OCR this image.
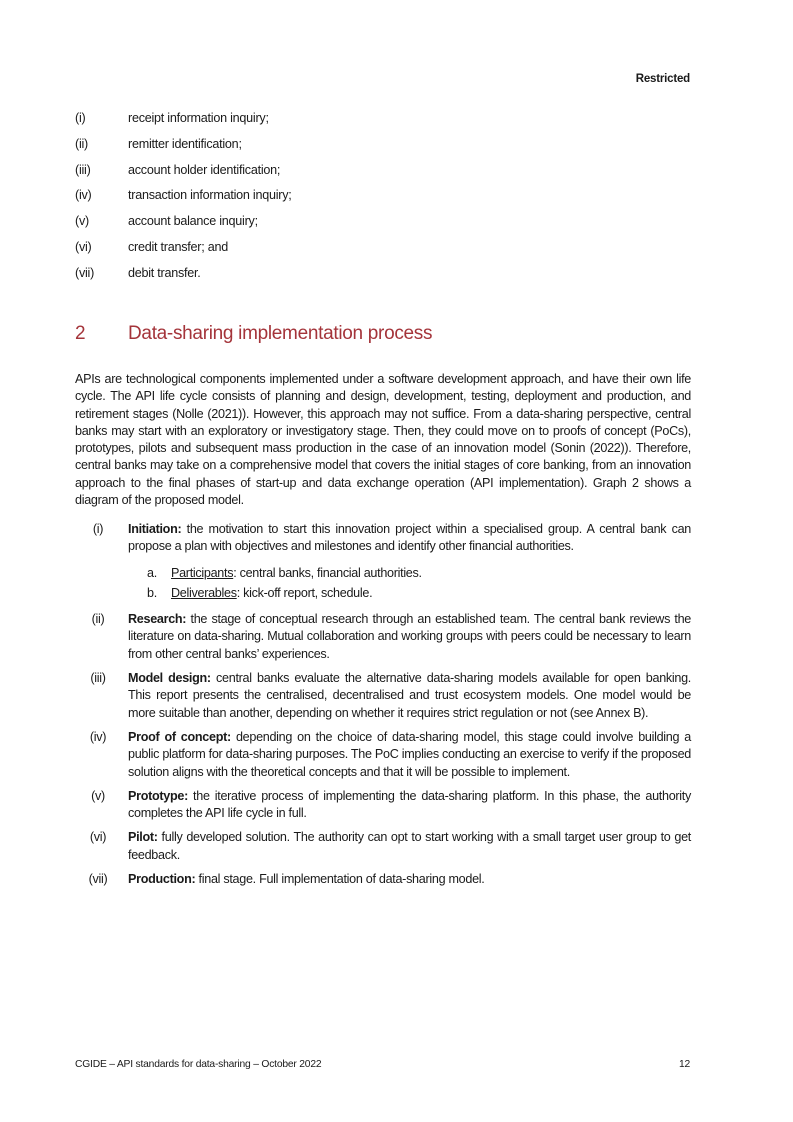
Restricted
(i)	receipt information inquiry;
(ii)	remitter identification;
(iii)	account holder identification;
(iv)	transaction information inquiry;
(v)	account balance inquiry;
(vi)	credit transfer; and
(vii)	debit transfer.
2	Data-sharing implementation process
APIs are technological components implemented under a software development approach, and have their own life cycle. The API life cycle consists of planning and design, development, testing, deployment and production, and retirement stages (Nolle (2021)). However, this approach may not suffice. From a data-sharing perspective, central banks may start with an exploratory or investigatory stage. Then, they could move on to proofs of concept (PoCs), prototypes, pilots and subsequent mass production in the case of an innovation model (Sonin (2022)). Therefore, central banks may take on a comprehensive model that covers the initial stages of core banking, from an innovation approach to the final phases of start-up and data exchange operation (API implementation). Graph 2 shows a diagram of the proposed model.
(i)	Initiation: the motivation to start this innovation project within a specialised group. A central bank can propose a plan with objectives and milestones and identify other financial authorities.
a.	Participants: central banks, financial authorities.
b.	Deliverables: kick-off report, schedule.
(ii)	Research: the stage of conceptual research through an established team. The central bank reviews the literature on data-sharing. Mutual collaboration and working groups with peers could be necessary to learn from other central banks’ experiences.
(iii)	Model design: central banks evaluate the alternative data-sharing models available for open banking. This report presents the centralised, decentralised and trust ecosystem models. One model would be more suitable than another, depending on whether it requires strict regulation or not (see Annex B).
(iv)	Proof of concept: depending on the choice of data-sharing model, this stage could involve building a public platform for data-sharing purposes. The PoC implies conducting an exercise to verify if the proposed solution aligns with the theoretical concepts and that it will be possible to implement.
(v)	Prototype: the iterative process of implementing the data-sharing platform. In this phase, the authority completes the API life cycle in full.
(vi)	Pilot: fully developed solution. The authority can opt to start working with a small target user group to get feedback.
(vii)	Production: final stage. Full implementation of data-sharing model.
CGIDE – API standards for data-sharing – October 2022	12
